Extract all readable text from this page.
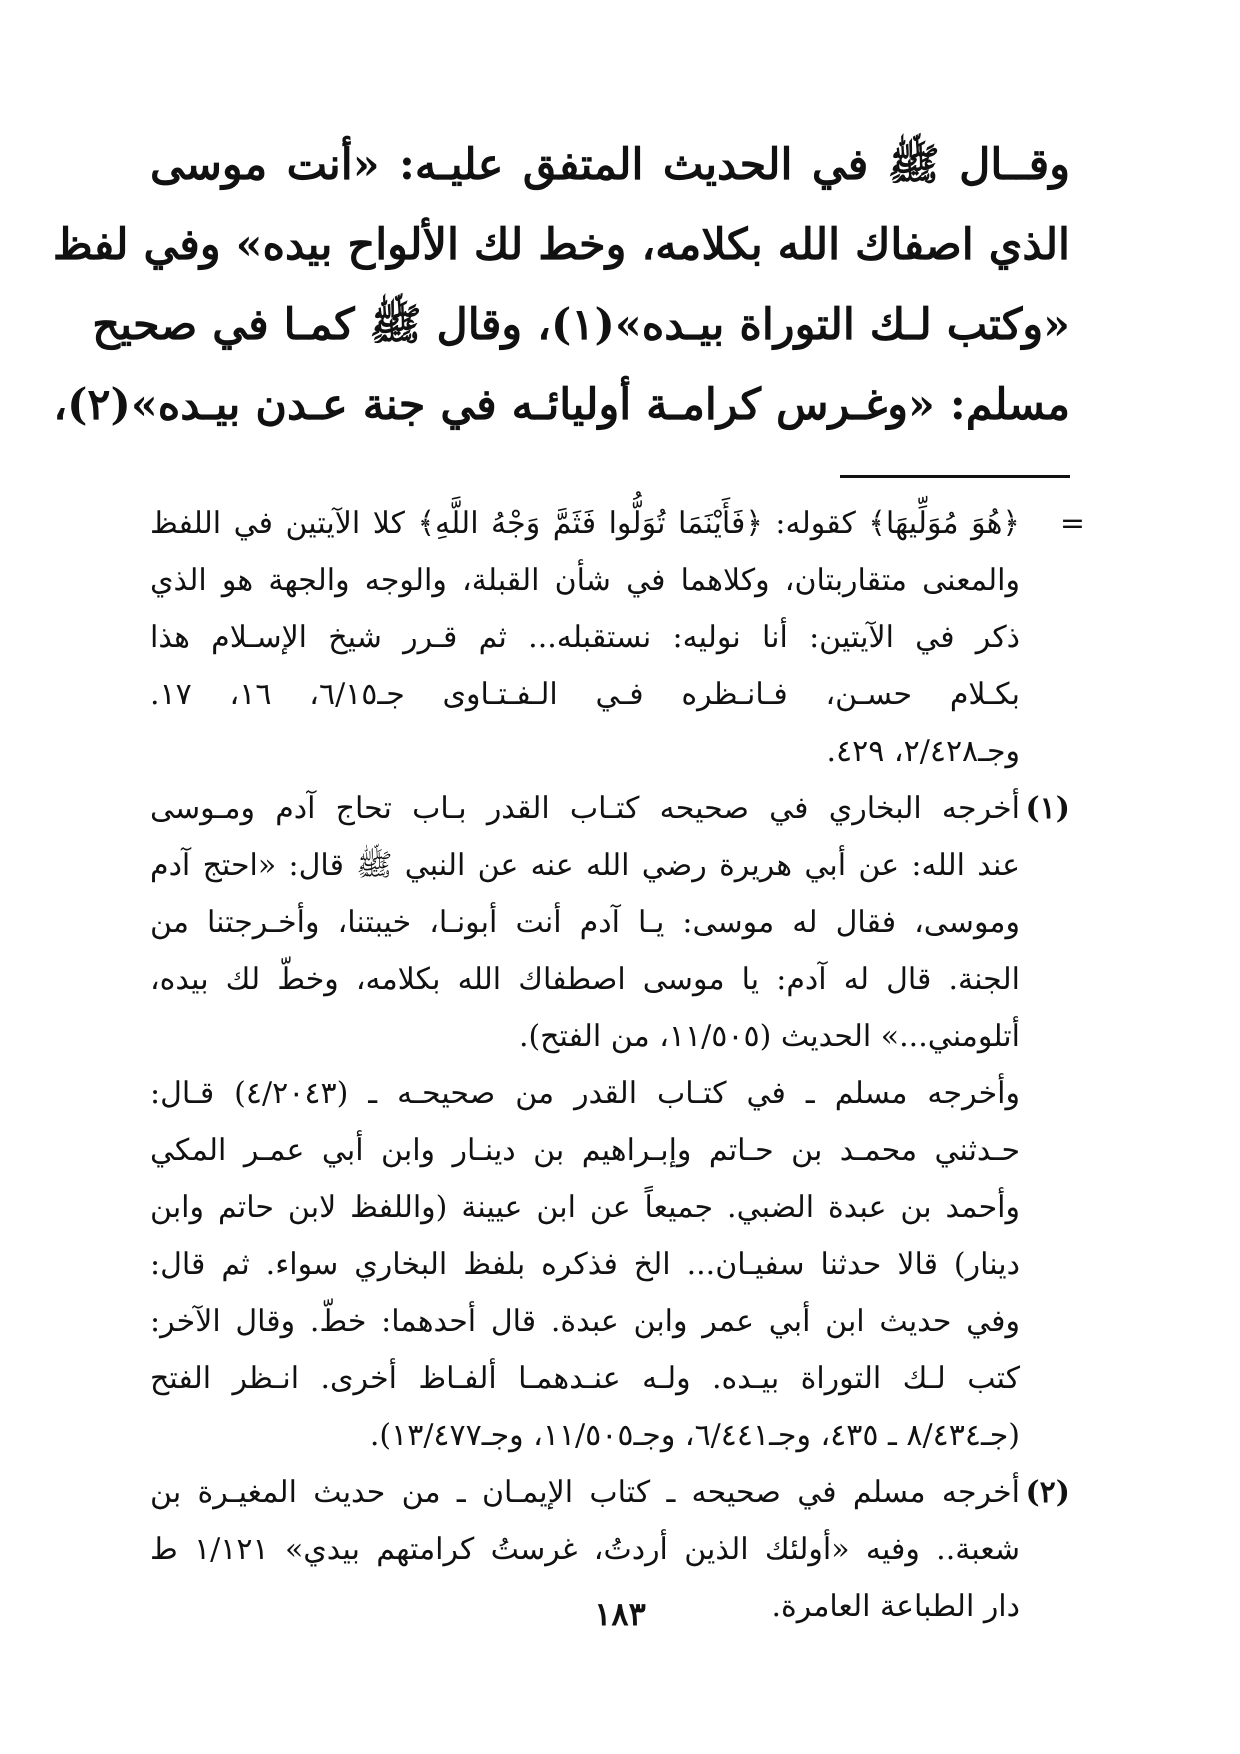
وقــال ﷺ في الحديث المتفق عليـه: «أنت موسى
الذي اصفاك الله بكلامه، وخط لك الألواح بيده» وفي لفظ
«وكتب لـك التوراة بيـده»(١)، وقال ﷺ كمـا في صحيح
مسلم: «وغـرس كرامـة أوليائـه في جنة عـدن بيـده»(٢)،
=
﴿هُوَ مُوَلِّيهَا﴾ كقوله: ﴿فَأَيْنَمَا تُوَلُّوا فَثَمَّ وَجْهُ اللَّهِ﴾ كلا الآيتين في اللفظ
والمعنى متقاربتان، وكلاهما في شأن القبلة، والوجه والجهة هو الذي
ذكر في الآيتين: أنا نوليه: نستقبله... ثم قـرر شيخ الإسـلام هذا
بكـلام حسـن، فـانـظره فـي الـفـتـاوى جـ٦/١٥، ١٦، ١٧.
وجـ٢/٤٢٨، ٤٢٩.
(١)
أخرجه البخاري في صحيحه كتـاب القدر بـاب تحاج آدم ومـوسى
عند الله: عن أبي هريرة رضي الله عنه عن النبي ﷺ قال: «احتج آدم
وموسى، فقال له موسى: يـا آدم أنت أبونـا، خيبتنا، وأخـرجتنا من
الجنة. قال له آدم: يا موسى اصطفاك الله بكلامه، وخطّ لك بيده،
أتلومني...» الحديث (١١/٥٠٥، من الفتح).
وأخرجه مسلم ـ في كتـاب القدر من صحيحـه ـ (٤/٢٠٤٣) قـال:
حـدثني محمـد بن حـاتم وإبـراهيم بن دينـار وابن أبي عمـر المكي
وأحمد بن عبدة الضبي. جميعاً عن ابن عيينة (واللفظ لابن حاتم وابن
دينار) قالا حدثنا سفيـان... الخ فذكره بلفظ البخاري سواء. ثم قال:
وفي حديث ابن أبي عمر وابن عبدة. قال أحدهما: خطّ. وقال الآخر:
كتب لـك التوراة بيـده. ولـه عنـدهمـا ألفـاظ أخرى. انـظر الفتح
(جـ٨/٤٣٤ ـ ٤٣٥، وجـ٦/٤٤١، وجـ١١/٥٠٥، وجـ١٣/٤٧٧).
(٢)
أخرجه مسلم في صحيحه ـ كتاب الإيمـان ـ من حديث المغيـرة بن
شعبة.. وفيه «أولئك الذين أردتُ، غرستُ كرامتهم بيدي» ١/١٢١ ط
دار الطباعة العامرة.
١٨٣
